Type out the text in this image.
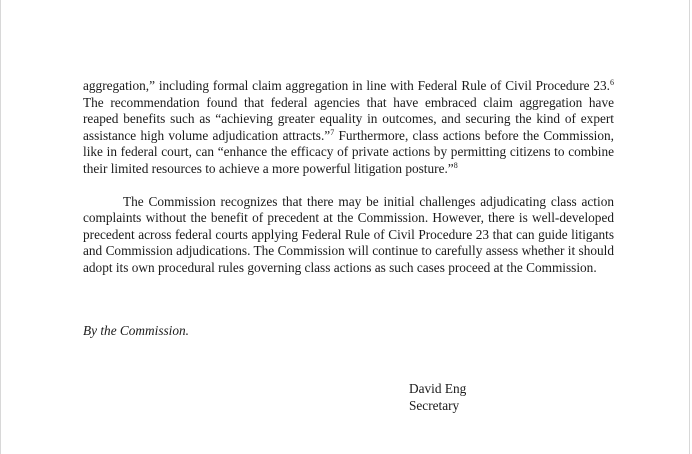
aggregation,” including formal claim aggregation in line with Federal Rule of Civil Procedure 23.$^6$ The recommendation found that federal agencies that have embraced claim aggregation have reaped benefits such as “achieving greater equality in outcomes, and securing the kind of expert assistance high volume adjudication attracts.”$^7$ Furthermore, class actions before the Commission, like in federal court, can “enhance the efficacy of private actions by permitting citizens to combine their limited resources to achieve a more powerful litigation posture.”$^8$

The Commission recognizes that there may be initial challenges adjudicating class action complaints without the benefit of precedent at the Commission. However, there is well-developed precedent across federal courts applying Federal Rule of Civil Procedure 23 that can guide litigants and Commission adjudications. The Commission will continue to carefully assess whether it should adopt its own procedural rules governing class actions as such cases proceed at the Commission.

By the Commission.
David Eng
Secretary
